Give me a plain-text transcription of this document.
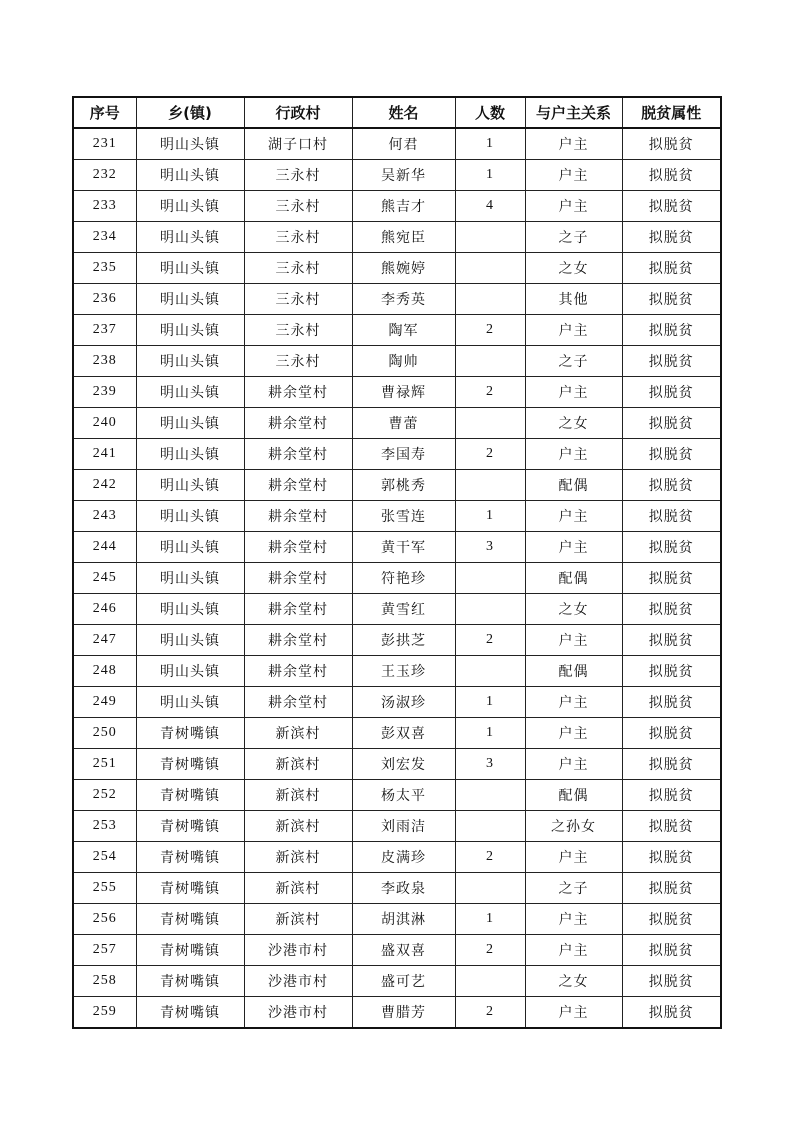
序号	乡(镇)	行政村	姓名	人数	与户主关系	脱贫属性
231	明山头镇	湖子口村	何君	1	户主	拟脱贫
232	明山头镇	三永村	吴新华	1	户主	拟脱贫
233	明山头镇	三永村	熊吉才	4	户主	拟脱贫
234	明山头镇	三永村	熊宛臣		之子	拟脱贫
235	明山头镇	三永村	熊婉婷		之女	拟脱贫
236	明山头镇	三永村	李秀英		其他	拟脱贫
237	明山头镇	三永村	陶军	2	户主	拟脱贫
238	明山头镇	三永村	陶帅		之子	拟脱贫
239	明山头镇	耕余堂村	曹禄辉	2	户主	拟脱贫
240	明山头镇	耕余堂村	曹蕾		之女	拟脱贫
241	明山头镇	耕余堂村	李国寿	2	户主	拟脱贫
242	明山头镇	耕余堂村	郭桃秀		配偶	拟脱贫
243	明山头镇	耕余堂村	张雪连	1	户主	拟脱贫
244	明山头镇	耕余堂村	黄干军	3	户主	拟脱贫
245	明山头镇	耕余堂村	符艳珍		配偶	拟脱贫
246	明山头镇	耕余堂村	黄雪红		之女	拟脱贫
247	明山头镇	耕余堂村	彭拱芝	2	户主	拟脱贫
248	明山头镇	耕余堂村	王玉珍		配偶	拟脱贫
249	明山头镇	耕余堂村	汤淑珍	1	户主	拟脱贫
250	青树嘴镇	新滨村	彭双喜	1	户主	拟脱贫
251	青树嘴镇	新滨村	刘宏发	3	户主	拟脱贫
252	青树嘴镇	新滨村	杨太平		配偶	拟脱贫
253	青树嘴镇	新滨村	刘雨洁		之孙女	拟脱贫
254	青树嘴镇	新滨村	皮满珍	2	户主	拟脱贫
255	青树嘴镇	新滨村	李政泉		之子	拟脱贫
256	青树嘴镇	新滨村	胡淇淋	1	户主	拟脱贫
257	青树嘴镇	沙港市村	盛双喜	2	户主	拟脱贫
258	青树嘴镇	沙港市村	盛可艺		之女	拟脱贫
259	青树嘴镇	沙港市村	曹腊芳	2	户主	拟脱贫
